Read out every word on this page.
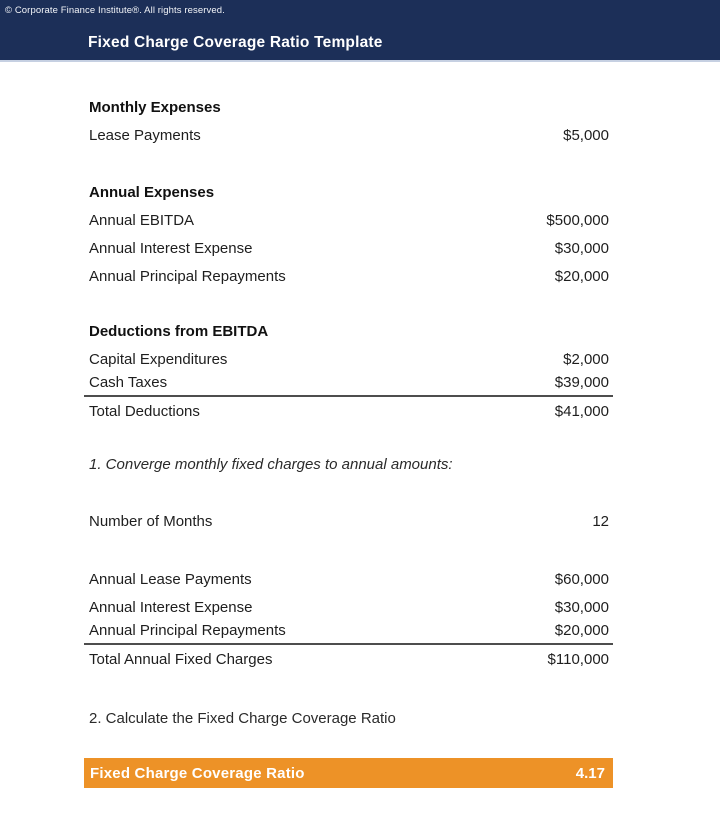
© Corporate Finance Institute®. All rights reserved.
Fixed Charge Coverage Ratio Template
Monthly Expenses
Lease Payments	$5,000
Annual Expenses
Annual EBITDA	$500,000
Annual Interest Expense	$30,000
Annual Principal Repayments	$20,000
Deductions from EBITDA
Capital Expenditures	$2,000
Cash Taxes	$39,000
Total Deductions	$41,000
1. Converge monthly fixed charges to annual amounts:
Number of Months	12
Annual Lease Payments	$60,000
Annual Interest Expense	$30,000
Annual Principal Repayments	$20,000
Total Annual Fixed Charges	$110,000
2. Calculate the Fixed Charge Coverage Ratio
Fixed Charge Coverage Ratio	4.17
